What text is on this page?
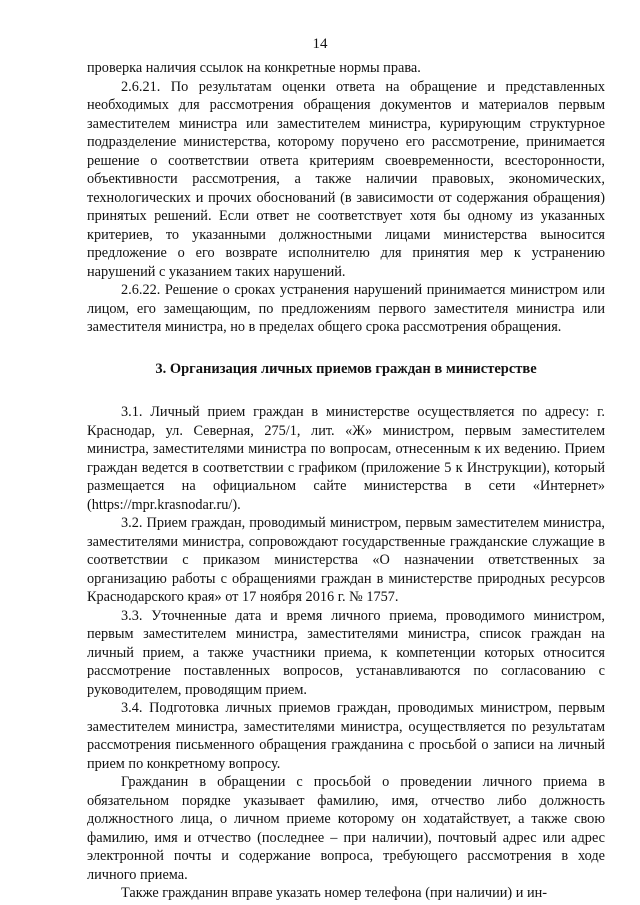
14

проверка наличия ссылок на конкретные нормы права.

2.6.21. По результатам оценки ответа на обращение и представленных необходимых для рассмотрения обращения документов и материалов первым заместителем министра или заместителем министра, курирующим структурное подразделение министерства, которому поручено его рассмотрение, принимается решение о соответствии ответа критериям своевременности, всесторонности, объективности рассмотрения, а также наличии правовых, экономических, технологических и прочих обоснований (в зависимости от содержания обращения) принятых решений. Если ответ не соответствует хотя бы одному из указанных критериев, то указанными должностными лицами министерства выносится предложение о его возврате исполнителю для принятия мер к устранению нарушений с указанием таких нарушений.

2.6.22. Решение о сроках устранения нарушений принимается министром или лицом, его замещающим, по предложениям первого заместителя министра или заместителя министра, но в пределах общего срока рассмотрения обращения.

3. Организация личных приемов граждан в министерстве

3.1. Личный прием граждан в министерстве осуществляется по адресу: г. Краснодар, ул. Северная, 275/1, лит. «Ж» министром, первым заместителем министра, заместителями министра по вопросам, отнесенным к их ведению. Прием граждан ведется в соответствии с графиком (приложение 5 к Инструкции), который размещается на официальном сайте министерства в сети «Интернет» (https://mpr.krasnodar.ru/).

3.2. Прием граждан, проводимый министром, первым заместителем министра, заместителями министра, сопровождают государственные гражданские служащие в соответствии с приказом министерства «О назначении ответственных за организацию работы с обращениями граждан в министерстве природных ресурсов Краснодарского края» от 17 ноября 2016 г. № 1757.

3.3. Уточненные дата и время личного приема, проводимого министром, первым заместителем министра, заместителями министра, список граждан на личный прием, а также участники приема, к компетенции которых относится рассмотрение поставленных вопросов, устанавливаются по согласованию с руководителем, проводящим прием.

3.4. Подготовка личных приемов граждан, проводимых министром, первым заместителем министра, заместителями министра, осуществляется по результатам рассмотрения письменного обращения гражданина с просьбой о записи на личный прием по конкретному вопросу.

Гражданин в обращении с просьбой о проведении личного приема в обязательном порядке указывает фамилию, имя, отчество либо должность должностного лица, о личном приеме которому он ходатайствует, а также свою фамилию, имя и отчество (последнее – при наличии), почтовый адрес или адрес электронной почты и содержание вопроса, требующего рассмотрения в ходе личного приема.

Также гражданин вправе указать номер телефона (при наличии) и ин-
